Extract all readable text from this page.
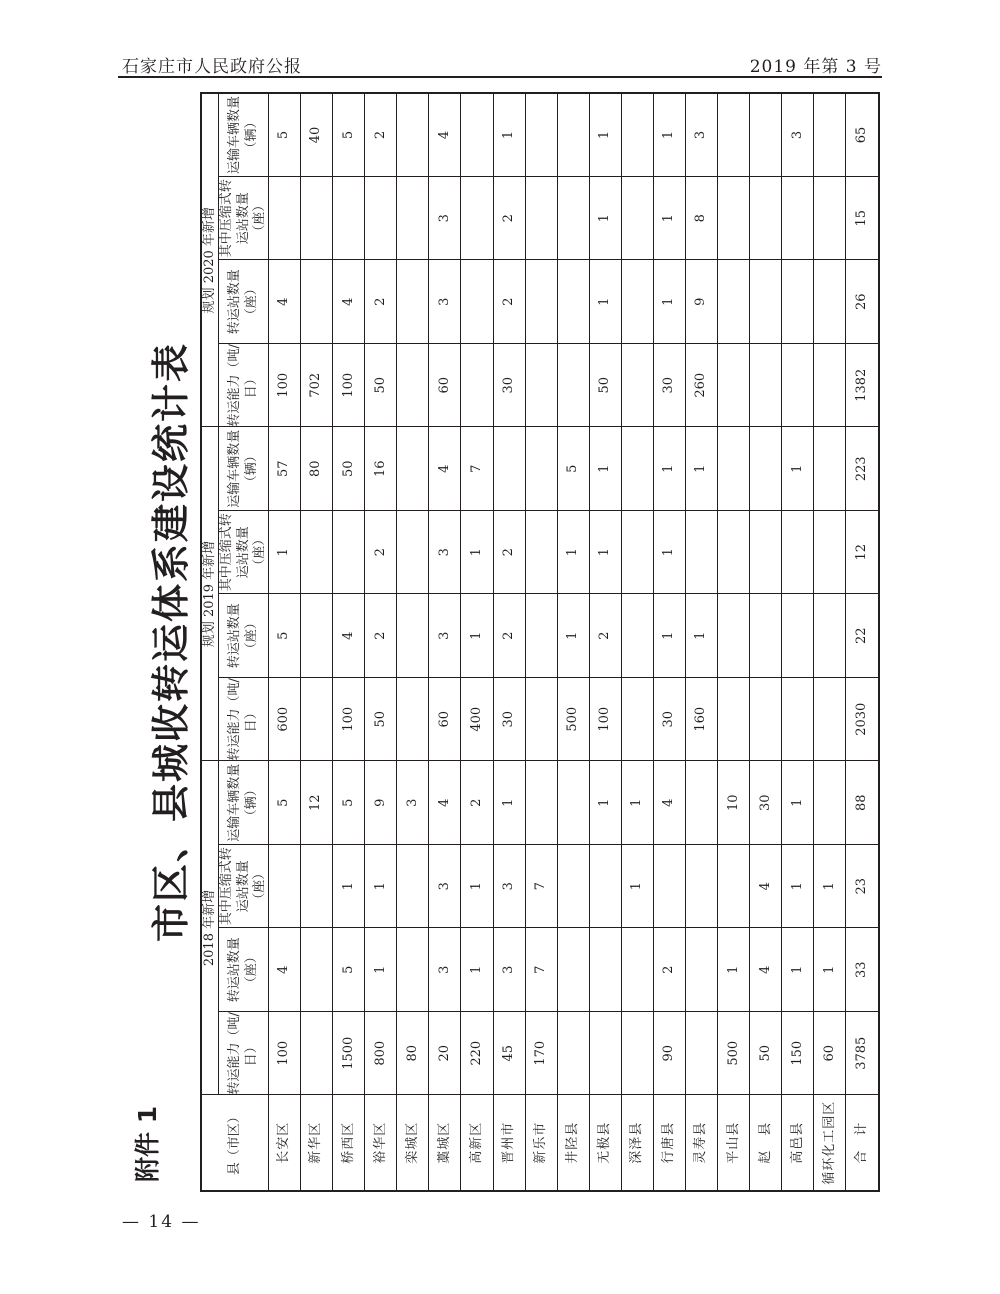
石家庄市人民政府公报	2019 年第 3 号
附件 1
市区、县城收转运体系建设统计表
县（市区）	2018 年新增				规划 2019 年新增				规划 2020 年新增			
	转运能力（吨/日）	转运站数量（座）	其中压缩式转运站数量（座）	运输车辆数量（辆）	转运能力（吨/日）	转运站数量（座）	其中压缩式转运站数量（座）	运输车辆数量（辆）	转运能力（吨/日）	转运站数量（座）	其中压缩式转运站数量（座）	运输车辆数量（辆）
长安区	100	4		5	600	5	1	57	100	4		5
新华区				12				80	702			40
桥西区	1500	5	1	5	100	4		50	100	4		5
裕华区	800	1	1	9	50	2	2	16	50	2		2
栾城区	80			3								
藁城区	20	3	3	4	60	3	3	4	60	3	3	4
高新区	220	1	1	2	400	1	1	7				
晋州市	45	3	3	1	30	2	2		30	2	2	1
新乐市	170	7	7									
井陉县					500	1	1	5				
无极县				1	100	2	1	1	50	1	1	1
深泽县			1	1								
行唐县	90	2		4	30	1	1	1	30	1	1	1
灵寿县					160	1		1	260	9	8	3
平山县	500	1		10								
赵　县	50	4	4	30								
高邑县	150	1	1	1				1				3
循环化工园区	60	1	1									
合　计	3785	33	23	88	2030	22	12	223	1382	26	15	65
— 14 —
